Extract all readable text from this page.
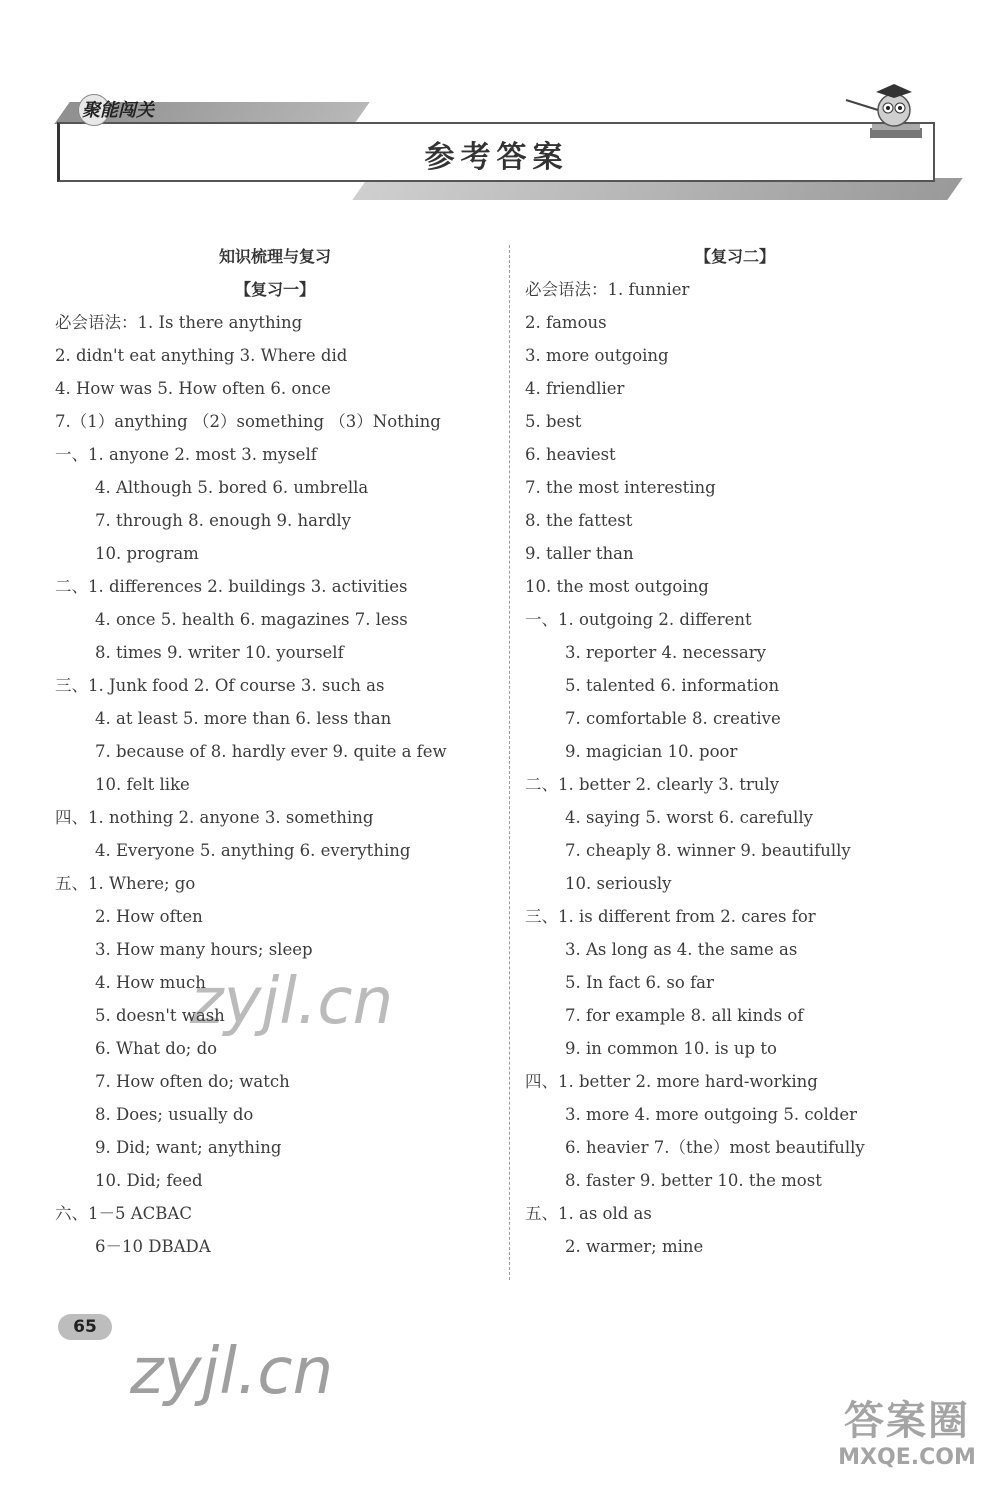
参考答案
聚能闯关
知识梳理与复习
【复习一】
必会语法：1. Is there anything
2. didn't eat anything 3. Where did
4. How was 5. How often 6. once
7.（1）anything （2）something （3）Nothing
一、1. anyone 2. most 3. myself
4. Although 5. bored 6. umbrella
7. through 8. enough 9. hardly
10. program
二、1. differences 2. buildings 3. activities
4. once 5. health 6. magazines 7. less
8. times 9. writer 10. yourself
三、1. Junk food 2. Of course 3. such as
4. at least 5. more than 6. less than
7. because of 8. hardly ever 9. quite a few
10. felt like
四、1. nothing 2. anyone 3. something
4. Everyone 5. anything 6. everything
五、1. Where; go
2. How often
3. How many hours; sleep
4. How much
5. doesn't wash
6. What do; do
7. How often do; watch
8. Does; usually do
9. Did; want; anything
10. Did; feed
六、1－5 ACBAC
6－10 DBADA
【复习二】
必会语法：1. funnier
2. famous
3. more outgoing
4. friendlier
5. best
6. heaviest
7. the most interesting
8. the fattest
9. taller than
10. the most outgoing
一、1. outgoing 2. different
3. reporter 4. necessary
5. talented 6. information
7. comfortable 8. creative
9. magician 10. poor
二、1. better 2. clearly 3. truly
4. saying 5. worst 6. carefully
7. cheaply 8. winner 9. beautifully
10. seriously
三、1. is different from 2. cares for
3. As long as 4. the same as
5. In fact 6. so far
7. for example 8. all kinds of
9. in common 10. is up to
四、1. better 2. more hard-working
3. more 4. more outgoing 5. colder
6. heavier 7.（the）most beautifully
8. faster 9. better 10. the most
五、1. as old as
2. warmer; mine
zyjl.cn
65
zyjl.cn
答案圈
MXQE.COM
